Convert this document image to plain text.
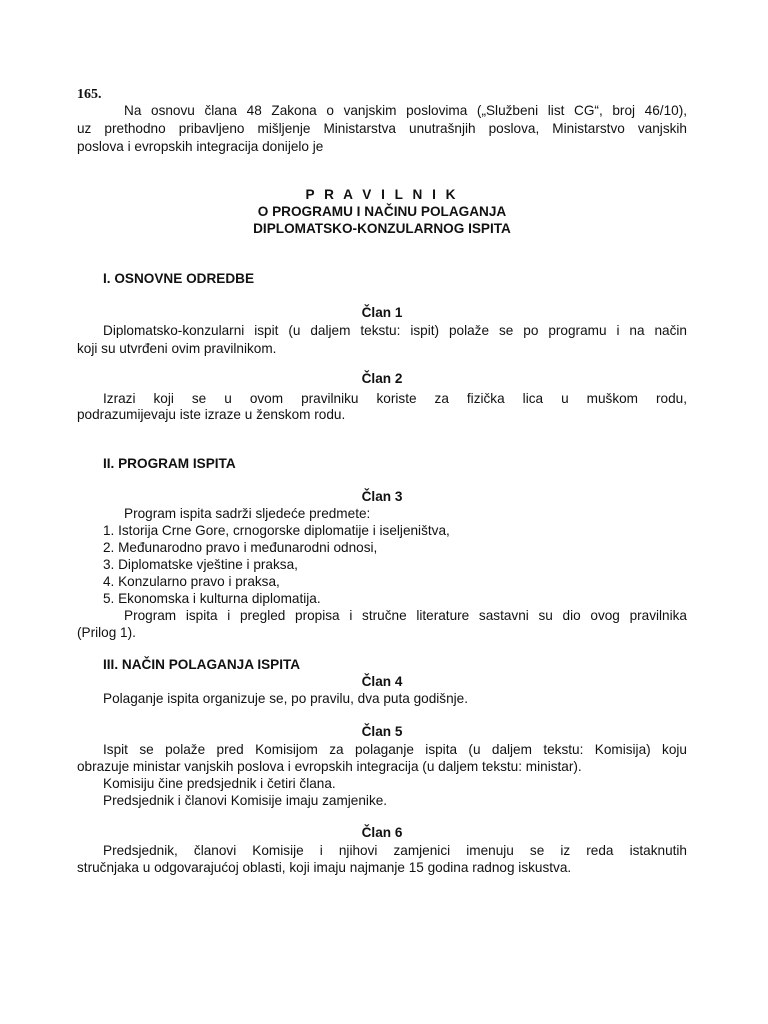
165.
Na osnovu člana 48 Zakona o vanjskim poslovima („Službeni list CG“, broj 46/10),
uz prethodno pribavljeno mišljenje Ministarstva unutrašnjih poslova, Ministarstvo vanjskih
poslova i evropskih integracija donijelo je
P R A V I L N I K
O PROGRAMU I NAČINU POLAGANJA
DIPLOMATSKO-KONZULARNOG ISPITA
I. OSNOVNE ODREDBE
Član 1
Diplomatsko-konzularni ispit (u daljem tekstu: ispit) polaže se po programu i na način
koji su utvrđeni ovim pravilnikom.
Član 2
Izrazi koji se u ovom pravilniku koriste za fizička lica u muškom rodu,
podrazumijevaju iste izraze u ženskom rodu.
II. PROGRAM ISPITA
Član 3
Program ispita sadrži sljedeće predmete:
1. Istorija Crne Gore, crnogorske diplomatije i iseljeništva,
2. Međunarodno pravo i međunarodni odnosi,
3. Diplomatske vještine i praksa,
4. Konzularno pravo i praksa,
5. Ekonomska i kulturna diplomatija.
Program ispita i pregled propisa i stručne literature sastavni su dio ovog pravilnika
(Prilog 1).
III. NAČIN POLAGANJA ISPITA
Član 4
Polaganje ispita organizuje se, po pravilu, dva puta godišnje.
Član 5
Ispit se polaže pred Komisijom za polaganje ispita (u daljem tekstu: Komisija) koju
obrazuje ministar vanjskih poslova i evropskih integracija (u daljem tekstu: ministar).
Komisiju čine predsjednik i četiri člana.
Predsjednik i članovi Komisije imaju zamjenike.
Član 6
Predsjednik, članovi Komisije i njihovi zamjenici imenuju se iz reda istaknutih
stručnjaka u odgovarajućoj oblasti, koji imaju najmanje 15 godina radnog iskustva.
